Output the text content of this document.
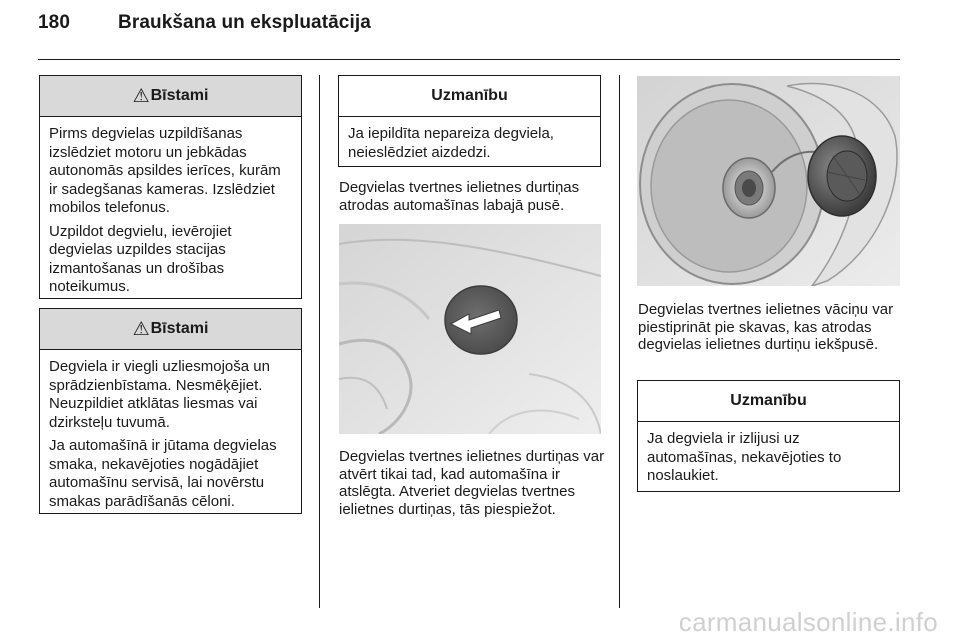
180	Braukšana un ekspluatācija
⚠ Bīstami

Pirms degvielas uzpildīšanas izslēdziet motoru un jebkādas autonomās apsildes ierīces, kurām ir sadegšanas kameras. Izslēdziet mobilos telefonus.

Uzpildot degvielu, ievērojiet degvielas uzpildes stacijas izmantošanas un drošības noteikumus.

⚠ Bīstami

Degviela ir viegli uzliesmojoša un sprādzienbīstama. Nesmēķējiet. Neuzpildiet atklātas liesmas vai dzirksteļu tuvumā.

Ja automašīnā ir jūtama degvielas smaka, nekavējoties nogādājiet automašīnu servisā, lai novērstu smakas parādīšanās cēloni.

Uzmanību

Ja iepildīta nepareiza degviela, neieslēdziet aizdedzi.

Degvielas tvertnes ielietnes durtiņas atrodas automašīnas labajā pusē.

Degvielas tvertnes ielietnes durtiņas var atvērt tikai tad, kad automašīna ir atslēgta. Atveriet degvielas tvertnes ielietnes durtiņas, tās piespiežot.

Degvielas tvertnes ielietnes vāciņu var piestiprināt pie skavas, kas atrodas degvielas ielietnes durtiņu iekšpusē.

Uzmanību

Ja degviela ir izlijusi uz automašīnas, nekavējoties to noslaukiet.

carmanualsonline.info
